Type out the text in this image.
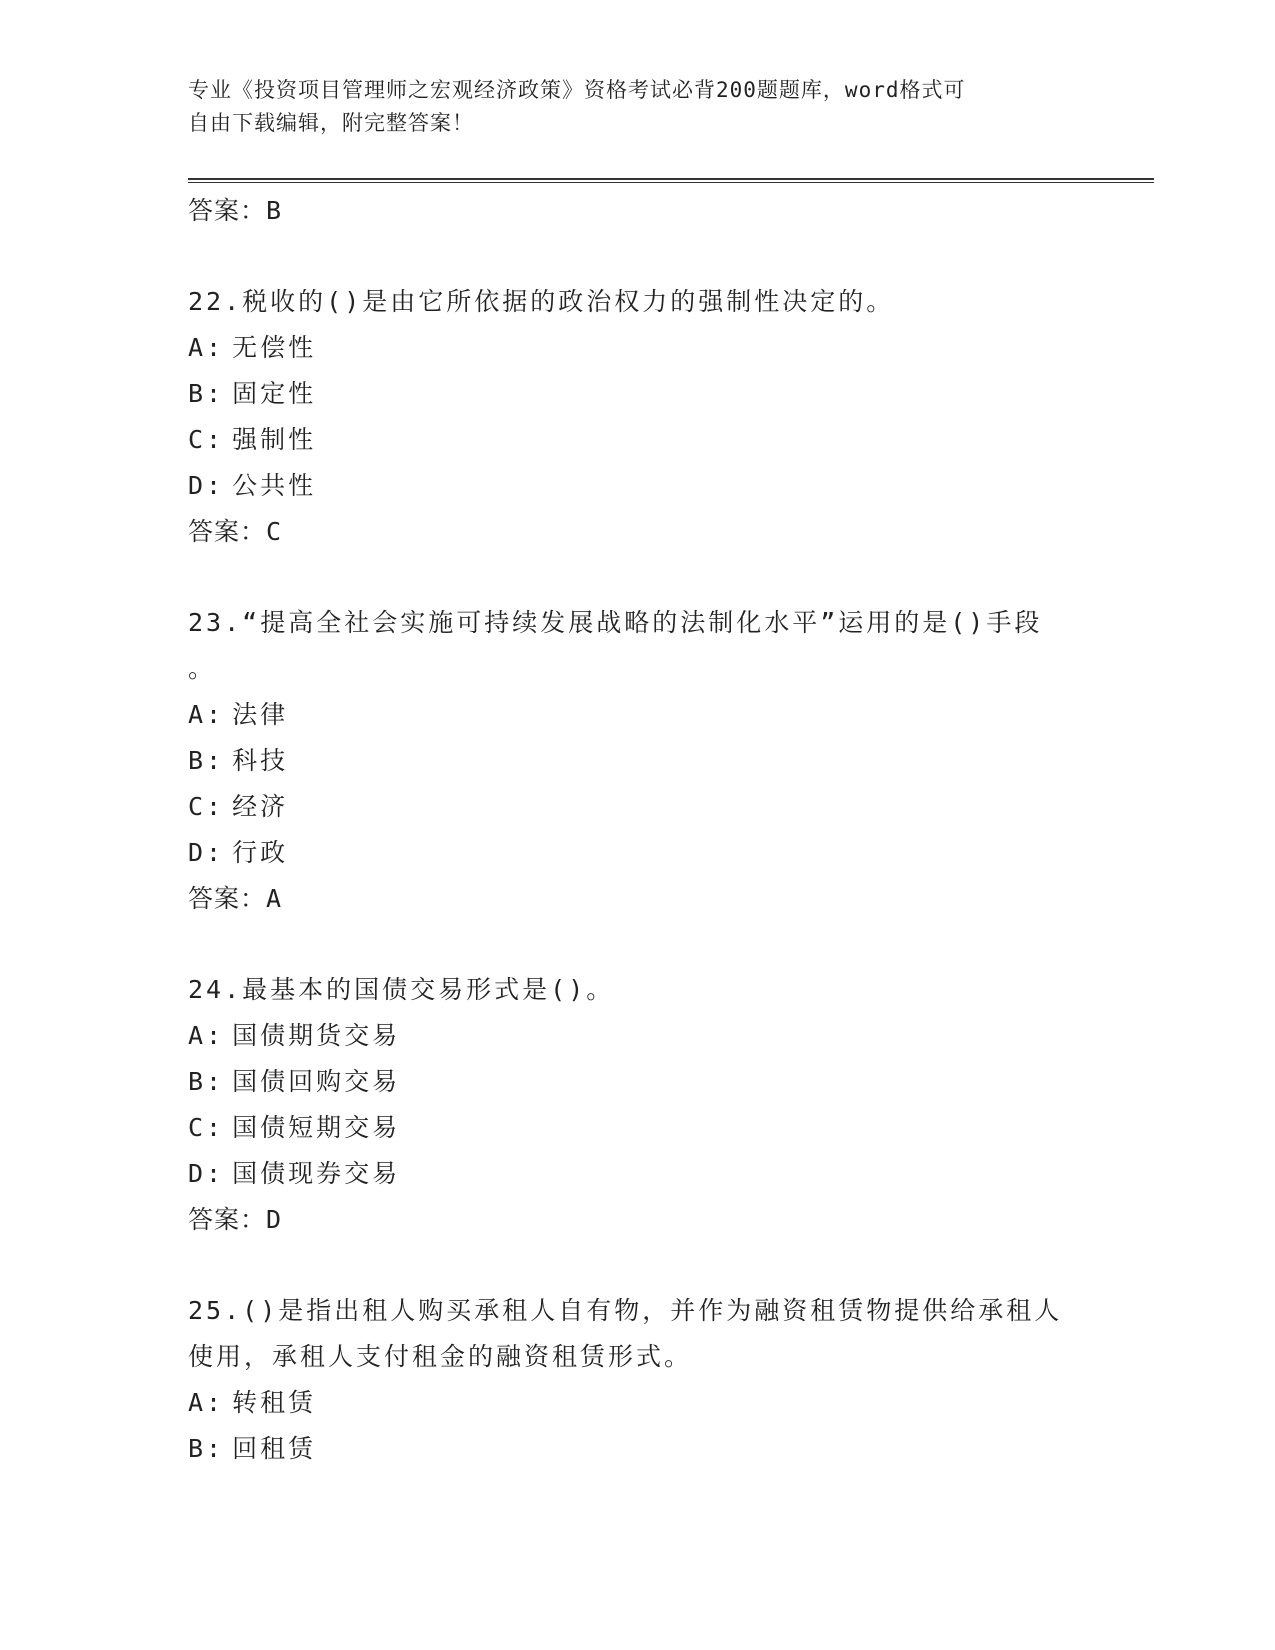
专业《投资项目管理师之宏观经济政策》资格考试必背200题题库，word格式可
自由下载编辑，附完整答案！
答案：B
22.税收的()是由它所依据的政治权力的强制性决定的。
A: 无偿性
B: 固定性
C: 强制性
D: 公共性
答案：C
23.“提高全社会实施可持续发展战略的法制化水平”运用的是()手段
。
A: 法律
B: 科技
C: 经济
D: 行政
答案：A
24.最基本的国债交易形式是()。
A: 国债期货交易
B: 国债回购交易
C: 国债短期交易
D: 国债现券交易
答案：D
25.()是指出租人购买承租人自有物，并作为融资租赁物提供给承租人
使用，承租人支付租金的融资租赁形式。
A: 转租赁
B: 回租赁
